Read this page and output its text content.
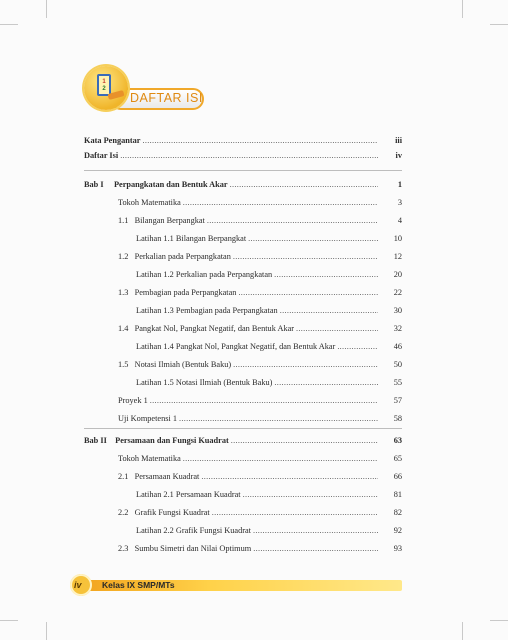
1
2
DAFTAR ISI
Kata Pengantar .....	iii
Daftar Isi .....	iv
Bab I     Perpangkatan dan Bentuk Akar .....	1
Tokoh Matematika .....	3
1.1   Bilangan Berpangkat .....	4
Latihan 1.1 Bilangan Berpangkat .....	10
1.2   Perkalian pada Perpangkatan .....	12
Latihan 1.2 Perkalian pada Perpangkatan .....	20
1.3   Pembagian pada Perpangkatan .....	22
Latihan 1.3 Pembagian pada Perpangkatan .....	30
1.4   Pangkat Nol, Pangkat Negatif, dan Bentuk Akar .....	32
Latihan 1.4 Pangkat Nol, Pangkat Negatif, dan Bentuk Akar .....	46
1.5   Notasi Ilmiah (Bentuk Baku) .....	50
Latihan 1.5 Notasi Ilmiah (Bentuk Baku) .....	55
Proyek 1 .....	57
Uji Kompetensi 1 .....	58
Bab II    Persamaan dan Fungsi Kuadrat .....	63
Tokoh Matematika .....	65
2.1   Persamaan Kuadrat .....	66
Latihan 2.1 Persamaan Kuadrat .....	81
2.2   Grafik Fungsi Kuadrat .....	82
Latihan 2.2 Grafik Fungsi Kuadrat .....	92
2.3   Sumbu Simetri dan Nilai Optimum .....	93
iv Kelas IX SMP/MTs
